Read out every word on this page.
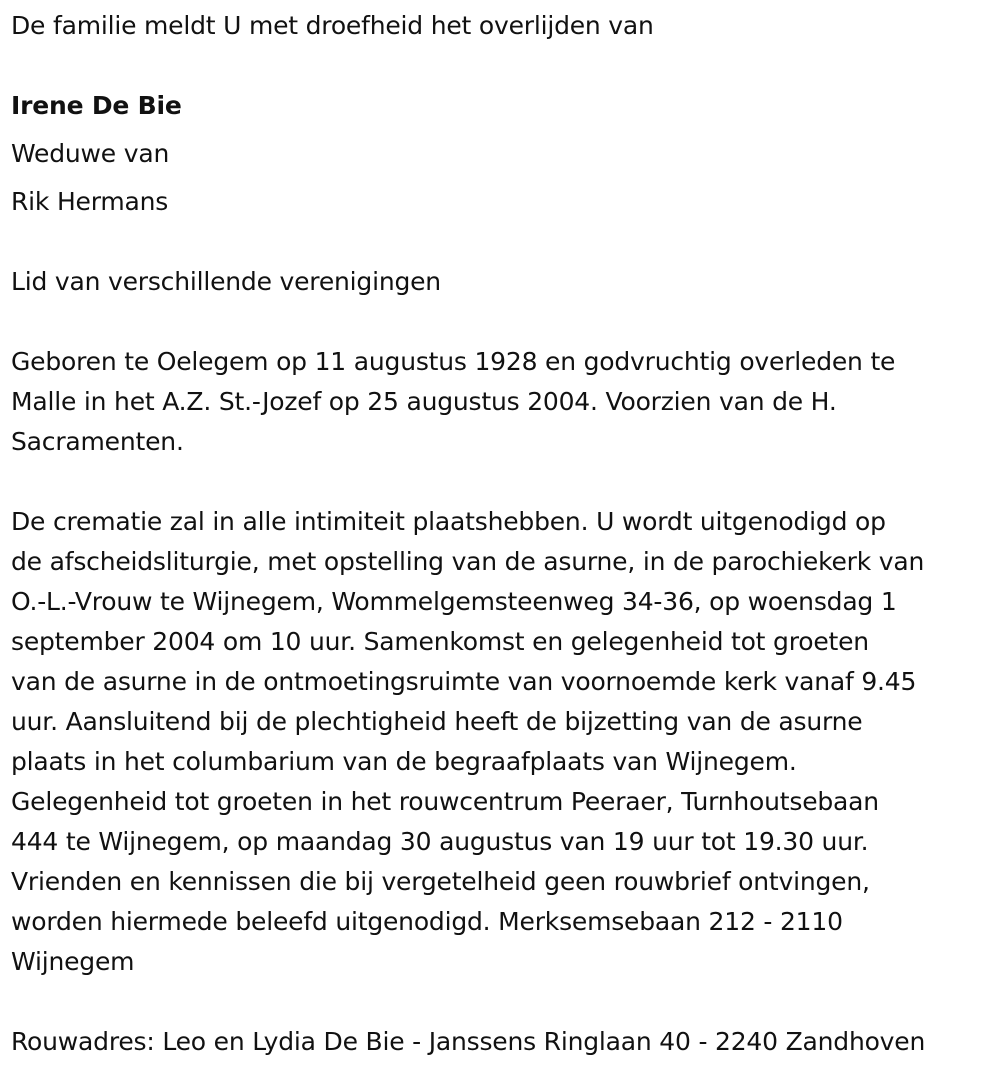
De familie meldt U met droefheid het overlijden van

Irene De Bie

Weduwe van

Rik Hermans

Lid van verschillende verenigingen

Geboren te Oelegem op 11 augustus 1928 en godvruchtig overleden te
Malle in het A.Z. St.-Jozef op 25 augustus 2004. Voorzien van de H.
Sacramenten.
De crematie zal in alle intimiteit plaatshebben. U wordt uitgenodigd op
de afscheidsliturgie, met opstelling van de asurne, in de parochiekerk van
O.-L.-Vrouw te Wijnegem, Wommelgemsteenweg 34-36, op woensdag 1
september 2004 om 10 uur. Samenkomst en gelegenheid tot groeten
van de asurne in de ontmoetingsruimte van voornoemde kerk vanaf 9.45
uur. Aansluitend bij de plechtigheid heeft de bijzetting van de asurne
plaats in het columbarium van de begraafplaats van Wijnegem.
Gelegenheid tot groeten in het rouwcentrum Peeraer, Turnhoutsebaan
444 te Wijnegem, op maandag 30 augustus van 19 uur tot 19.30 uur.
Vrienden en kennissen die bij vergetelheid geen rouwbrief ontvingen,
worden hiermede beleefd uitgenodigd. Merksemsebaan 212 - 2110
Wijnegem

Rouwadres: Leo en Lydia De Bie - Janssens Ringlaan 40 - 2240 Zandhoven
